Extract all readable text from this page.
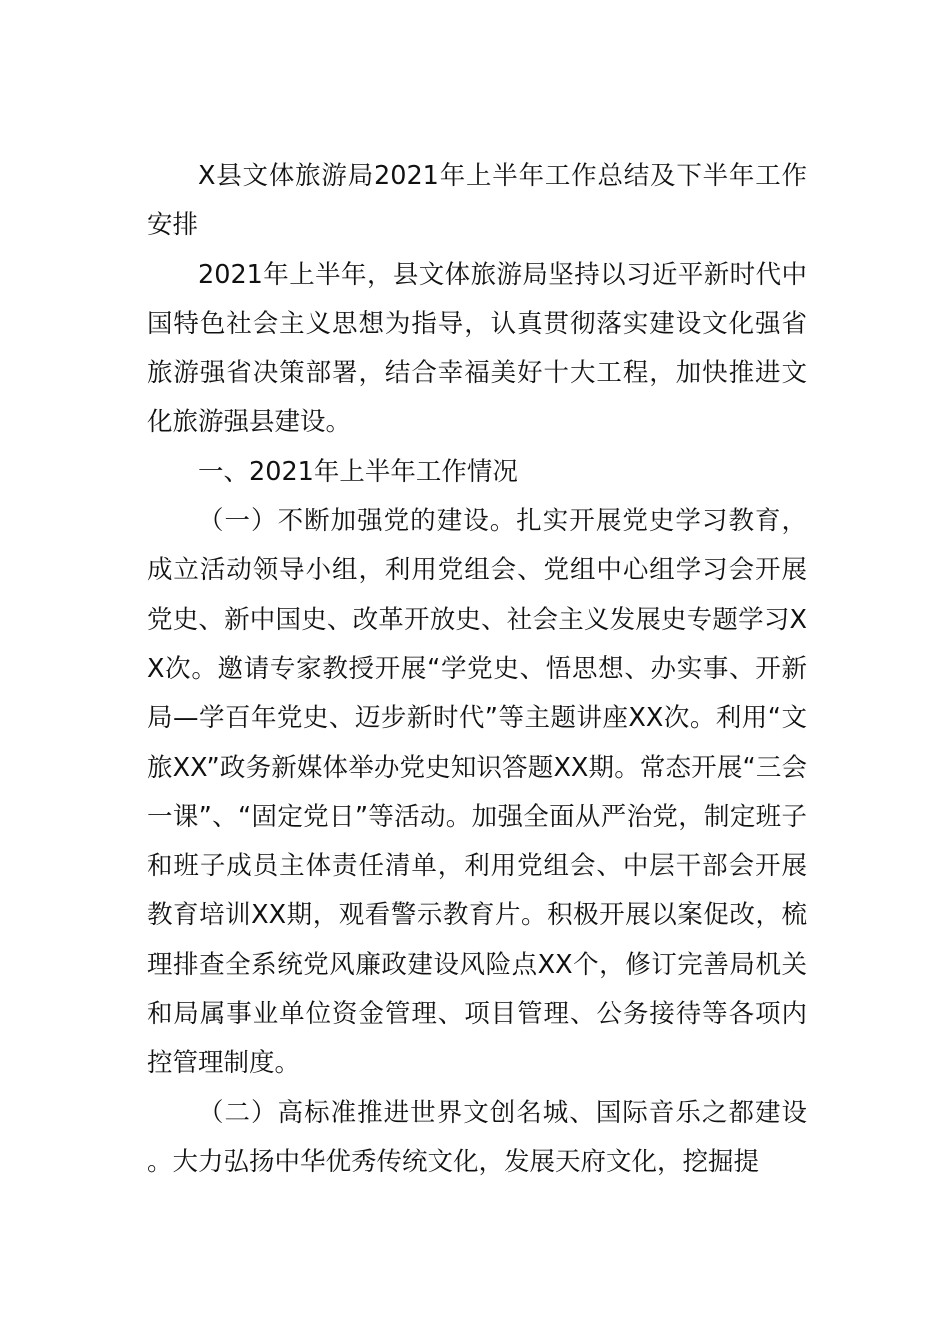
X县文体旅游局2021年上半年工作总结及下半年工作安排

2021年上半年，县文体旅游局坚持以习近平新时代中国特色社会主义思想为指导，认真贯彻落实建设文化强省旅游强省决策部署，结合幸福美好十大工程，加快推进文化旅游强县建设。

一、2021年上半年工作情况

（一）不断加强党的建设。扎实开展党史学习教育，成立活动领导小组，利用党组会、党组中心组学习会开展党史、新中国史、改革开放史、社会主义发展史专题学习XX次。邀请专家教授开展“学党史、悟思想、办实事、开新局—学百年党史、迈步新时代”等主题讲座XX次。利用“文旅XX”政务新媒体举办党史知识答题XX期。常态开展“三会一课”、“固定党日”等活动。加强全面从严治党，制定班子和班子成员主体责任清单，利用党组会、中层干部会开展教育培训XX期，观看警示教育片。积极开展以案促改，梳理排查全系统党风廉政建设风险点XX个，修订完善局机关和局属事业单位资金管理、项目管理、公务接待等各项内控管理制度。

（二）高标准推进世界文创名城、国际音乐之都建设。大力弘扬中华优秀传统文化，发展天府文化，挖掘提
